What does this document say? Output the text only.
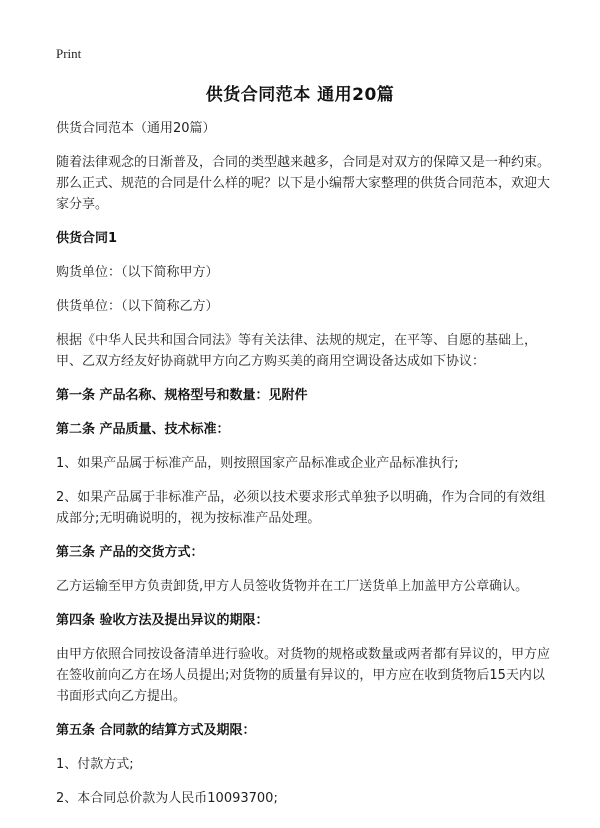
Print
供货合同范本 通用20篇

供货合同范本（通用20篇）

随着法律观念的日渐普及，合同的类型越来越多，合同是对双方的保障又是一种约束。那么正式、规范的合同是什么样的呢？以下是小编帮大家整理的供货合同范本，欢迎大家分享。

供货合同1

购货单位：（以下简称甲方）

供货单位：（以下简称乙方）

根据《中华人民共和国合同法》等有关法律、法规的规定，在平等、自愿的基础上，甲、乙双方经友好协商就甲方向乙方购买美的商用空调设备达成如下协议：

第一条 产品名称、规格型号和数量：见附件

第二条 产品质量、技术标准：

1、如果产品属于标准产品，则按照国家产品标准或企业产品标准执行;

2、如果产品属于非标准产品，必须以技术要求形式单独予以明确，作为合同的有效组成部分;无明确说明的，视为按标准产品处理。

第三条 产品的交货方式：

乙方运输至甲方负责卸货,甲方人员签收货物并在工厂送货单上加盖甲方公章确认。

第四条 验收方法及提出异议的期限：

由甲方依照合同按设备清单进行验收。对货物的规格或数量或两者都有异议的，甲方应在签收前向乙方在场人员提出;对货物的质量有异议的，甲方应在收到货物后15天内以书面形式向乙方提出。

第五条 合同款的结算方式及期限：

1、付款方式;

2、本合同总价款为人民币10093700;
